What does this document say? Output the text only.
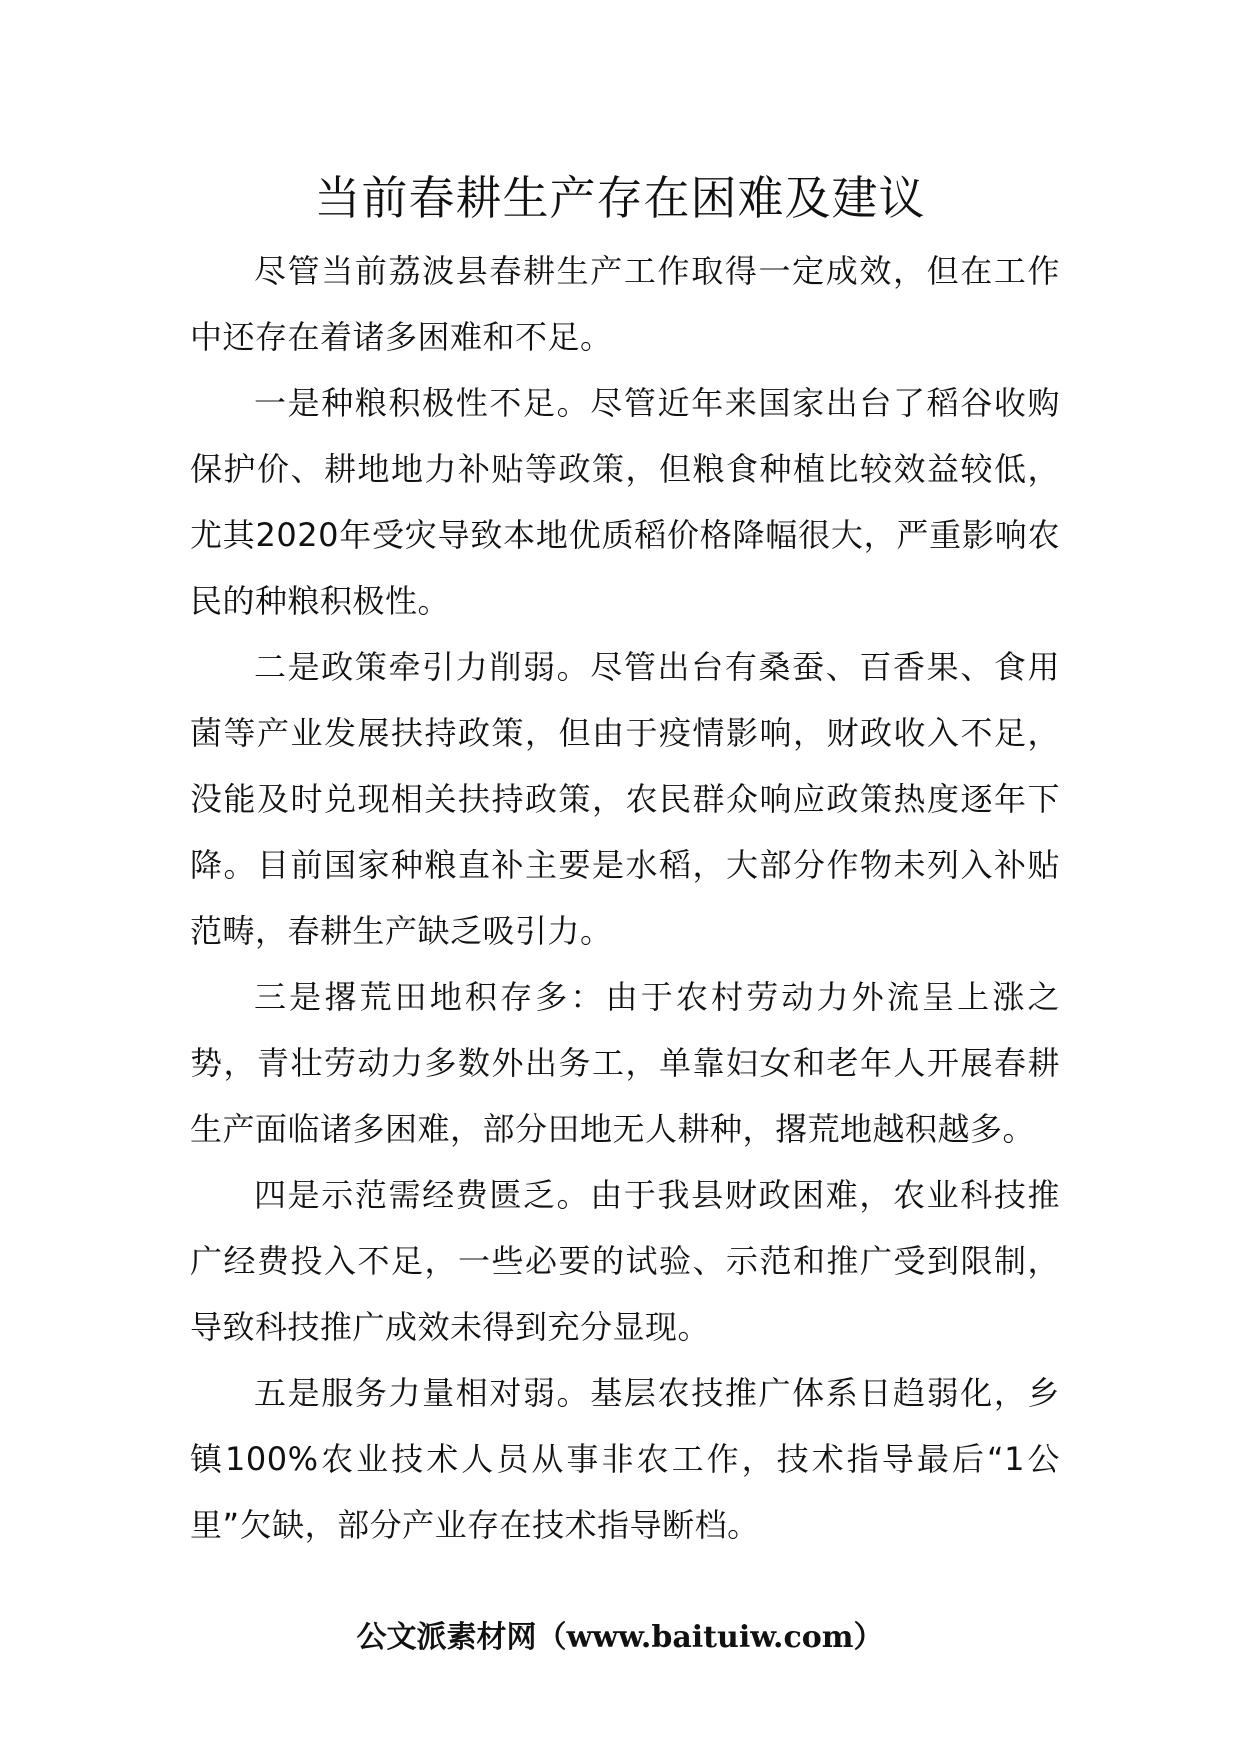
当前春耕生产存在困难及建议

尽管当前荔波县春耕生产工作取得一定成效，但在工作中还存在着诸多困难和不足。

一是种粮积极性不足。尽管近年来国家出台了稻谷收购保护价、耕地地力补贴等政策，但粮食种植比较效益较低，尤其2020年受灾导致本地优质稻价格降幅很大，严重影响农民的种粮积极性。

二是政策牵引力削弱。尽管出台有桑蚕、百香果、食用菌等产业发展扶持政策，但由于疫情影响，财政收入不足，没能及时兑现相关扶持政策，农民群众响应政策热度逐年下降。目前国家种粮直补主要是水稻，大部分作物未列入补贴范畴，春耕生产缺乏吸引力。

三是撂荒田地积存多：由于农村劳动力外流呈上涨之势，青壮劳动力多数外出务工，单靠妇女和老年人开展春耕生产面临诸多困难，部分田地无人耕种，撂荒地越积越多。

四是示范需经费匮乏。由于我县财政困难，农业科技推广经费投入不足，一些必要的试验、示范和推广受到限制，导致科技推广成效未得到充分显现。

五是服务力量相对弱。基层农技推广体系日趋弱化，乡镇100%农业技术人员从事非农工作，技术指导最后“1公里”欠缺，部分产业存在技术指导断档。

公文派素材网（www.baituiw.com）
